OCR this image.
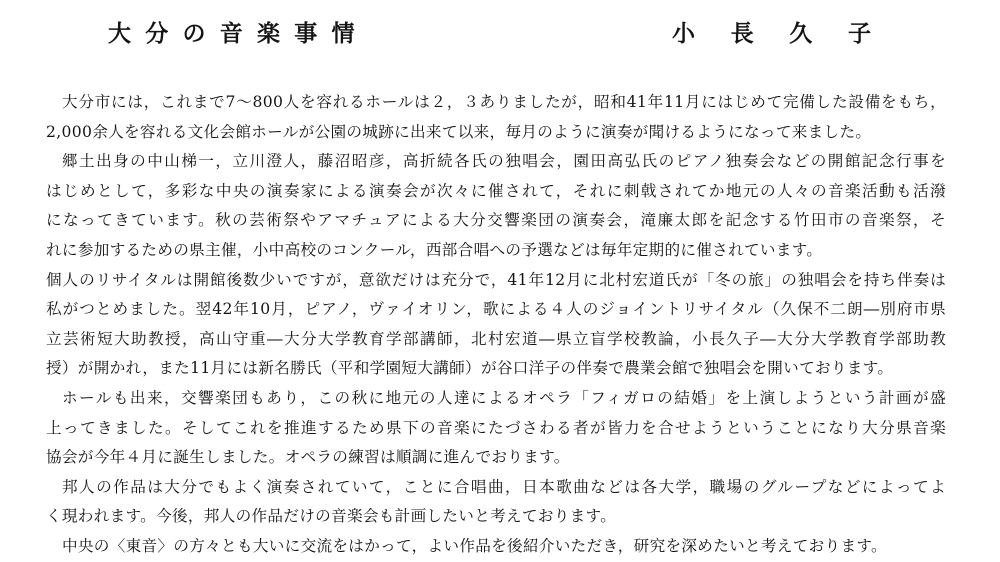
大分の音楽事情	小長久子
大分市には，これまで7～800人を容れるホールは２，３ありましたが，昭和41年11月にはじめて完備した設備をもち，
2,000余人を容れる文化会館ホールが公園の城跡に出来て以来，毎月のように演奏が聞けるようになって来ました。
郷土出身の中山梯一，立川澄人，藤沼昭彦，高折続各氏の独唱会，園田高弘氏のピアノ独奏会などの開館記念行事を
はじめとして，多彩な中央の演奏家による演奏会が次々に催されて，それに刺戟されてか地元の人々の音楽活動も活潑
になってきています。秋の芸術祭やアマチュアによる大分交響楽団の演奏会，滝廉太郎を記念する竹田市の音楽祭，そ
れに参加するための県主催，小中高校のコンクール，西部合唱への予選などは毎年定期的に催されています。
個人のリサイタルは開館後数少いですが，意欲だけは充分で，41年12月に北村宏道氏が「冬の旅」の独唱会を持ち伴奏は
私がつとめました。翌42年10月，ピアノ，ヴァイオリン，歌による４人のジョイントリサイタル（久保不二朗―別府市県
立芸術短大助教授，高山守重―大分大学教育学部講師，北村宏道―県立盲学校教論，小長久子―大分大学教育学部助教
授）が開かれ，また11月には新名勝氏（平和学園短大講師）が谷口洋子の伴奏で農業会館で独唱会を開いております。
ホールも出来，交響楽団もあり，この秋に地元の人達によるオペラ「フィガロの結婚」を上演しようという計画が盛
上ってきました。そしてこれを推進するため県下の音楽にたづさわる者が皆力を合せようということになり大分県音楽
協会が今年４月に誕生しました。オペラの練習は順調に進んでおります。
邦人の作品は大分でもよく演奏されていて，ことに合唱曲，日本歌曲などは各大学，職場のグループなどによってよ
く現われます。今後，邦人の作品だけの音楽会も計画したいと考えております。
中央の〈東音〉の方々とも大いに交流をはかって，よい作品を後紹介いただき，研究を深めたいと考えております。
